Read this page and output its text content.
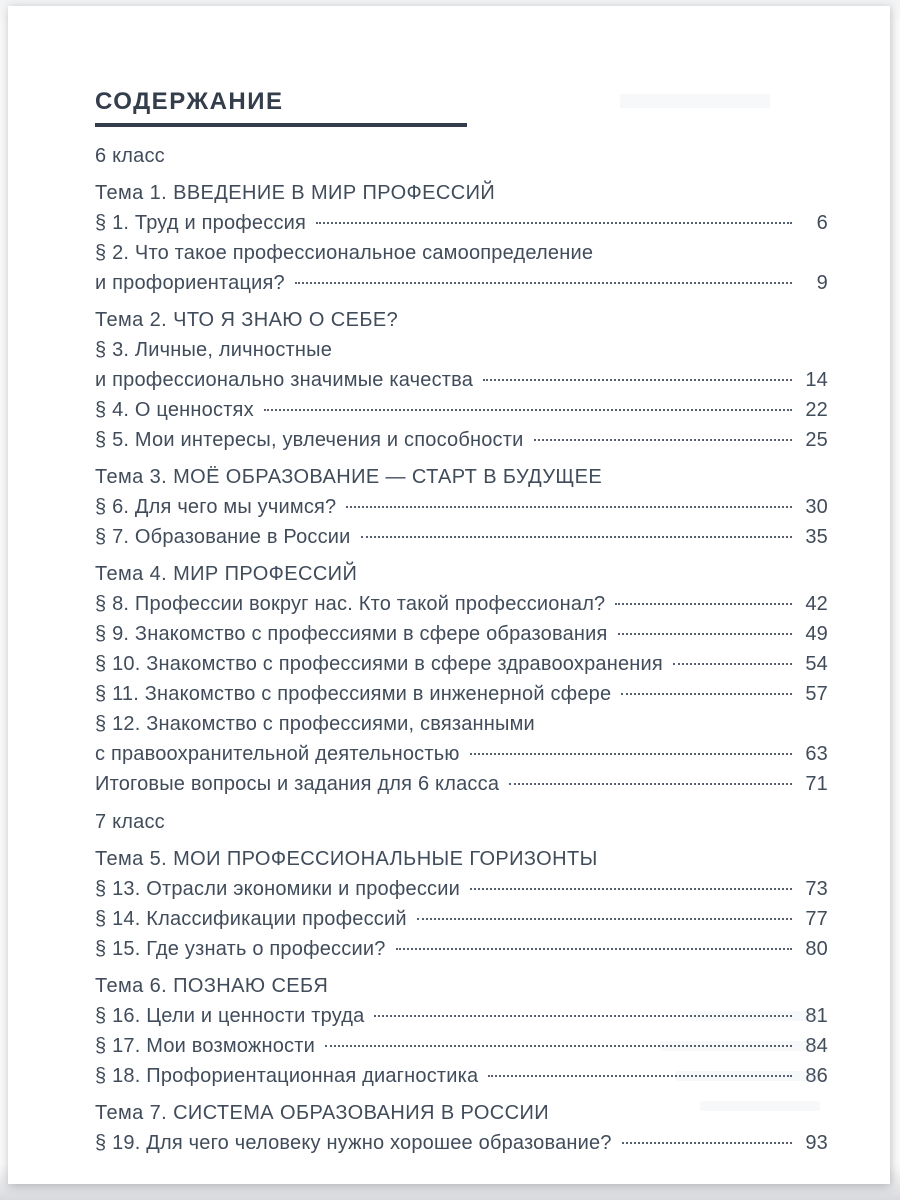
СОДЕРЖАНИЕ
6 класс
Тема 1. ВВЕДЕНИЕ В МИР ПРОФЕССИЙ
§ 1. Труд и профессия	6
§ 2. Что такое профессиональное самоопределение
и профориентация?	9
Тема 2. ЧТО Я ЗНАЮ О СЕБЕ?
§ 3. Личные, личностные
и профессионально значимые качества	14
§ 4. О ценностях	22
§ 5. Мои интересы, увлечения и способности	25
Тема 3. МОЁ ОБРАЗОВАНИЕ — СТАРТ В БУДУЩЕЕ
§ 6. Для чего мы учимся?	30
§ 7. Образование в России	35
Тема 4. МИР ПРОФЕССИЙ
§ 8. Профессии вокруг нас. Кто такой профессионал?	42
§ 9. Знакомство с профессиями в сфере образования	49
§ 10. Знакомство с профессиями в сфере здравоохранения	54
§ 11. Знакомство с профессиями в инженерной сфере	57
§ 12. Знакомство с профессиями, связанными
с правоохранительной деятельностью	63
Итоговые вопросы и задания для 6 класса	71
7 класс
Тема 5. МОИ ПРОФЕССИОНАЛЬНЫЕ ГОРИЗОНТЫ
§ 13. Отрасли экономики и профессии	73
§ 14. Классификации профессий	77
§ 15. Где узнать о профессии?	80
Тема 6. ПОЗНАЮ СЕБЯ
§ 16. Цели и ценности труда	81
§ 17. Мои возможности	84
§ 18. Профориентационная диагностика	86
Тема 7. СИСТЕМА ОБРАЗОВАНИЯ В РОССИИ
§ 19. Для чего человеку нужно хорошее образование?	93
